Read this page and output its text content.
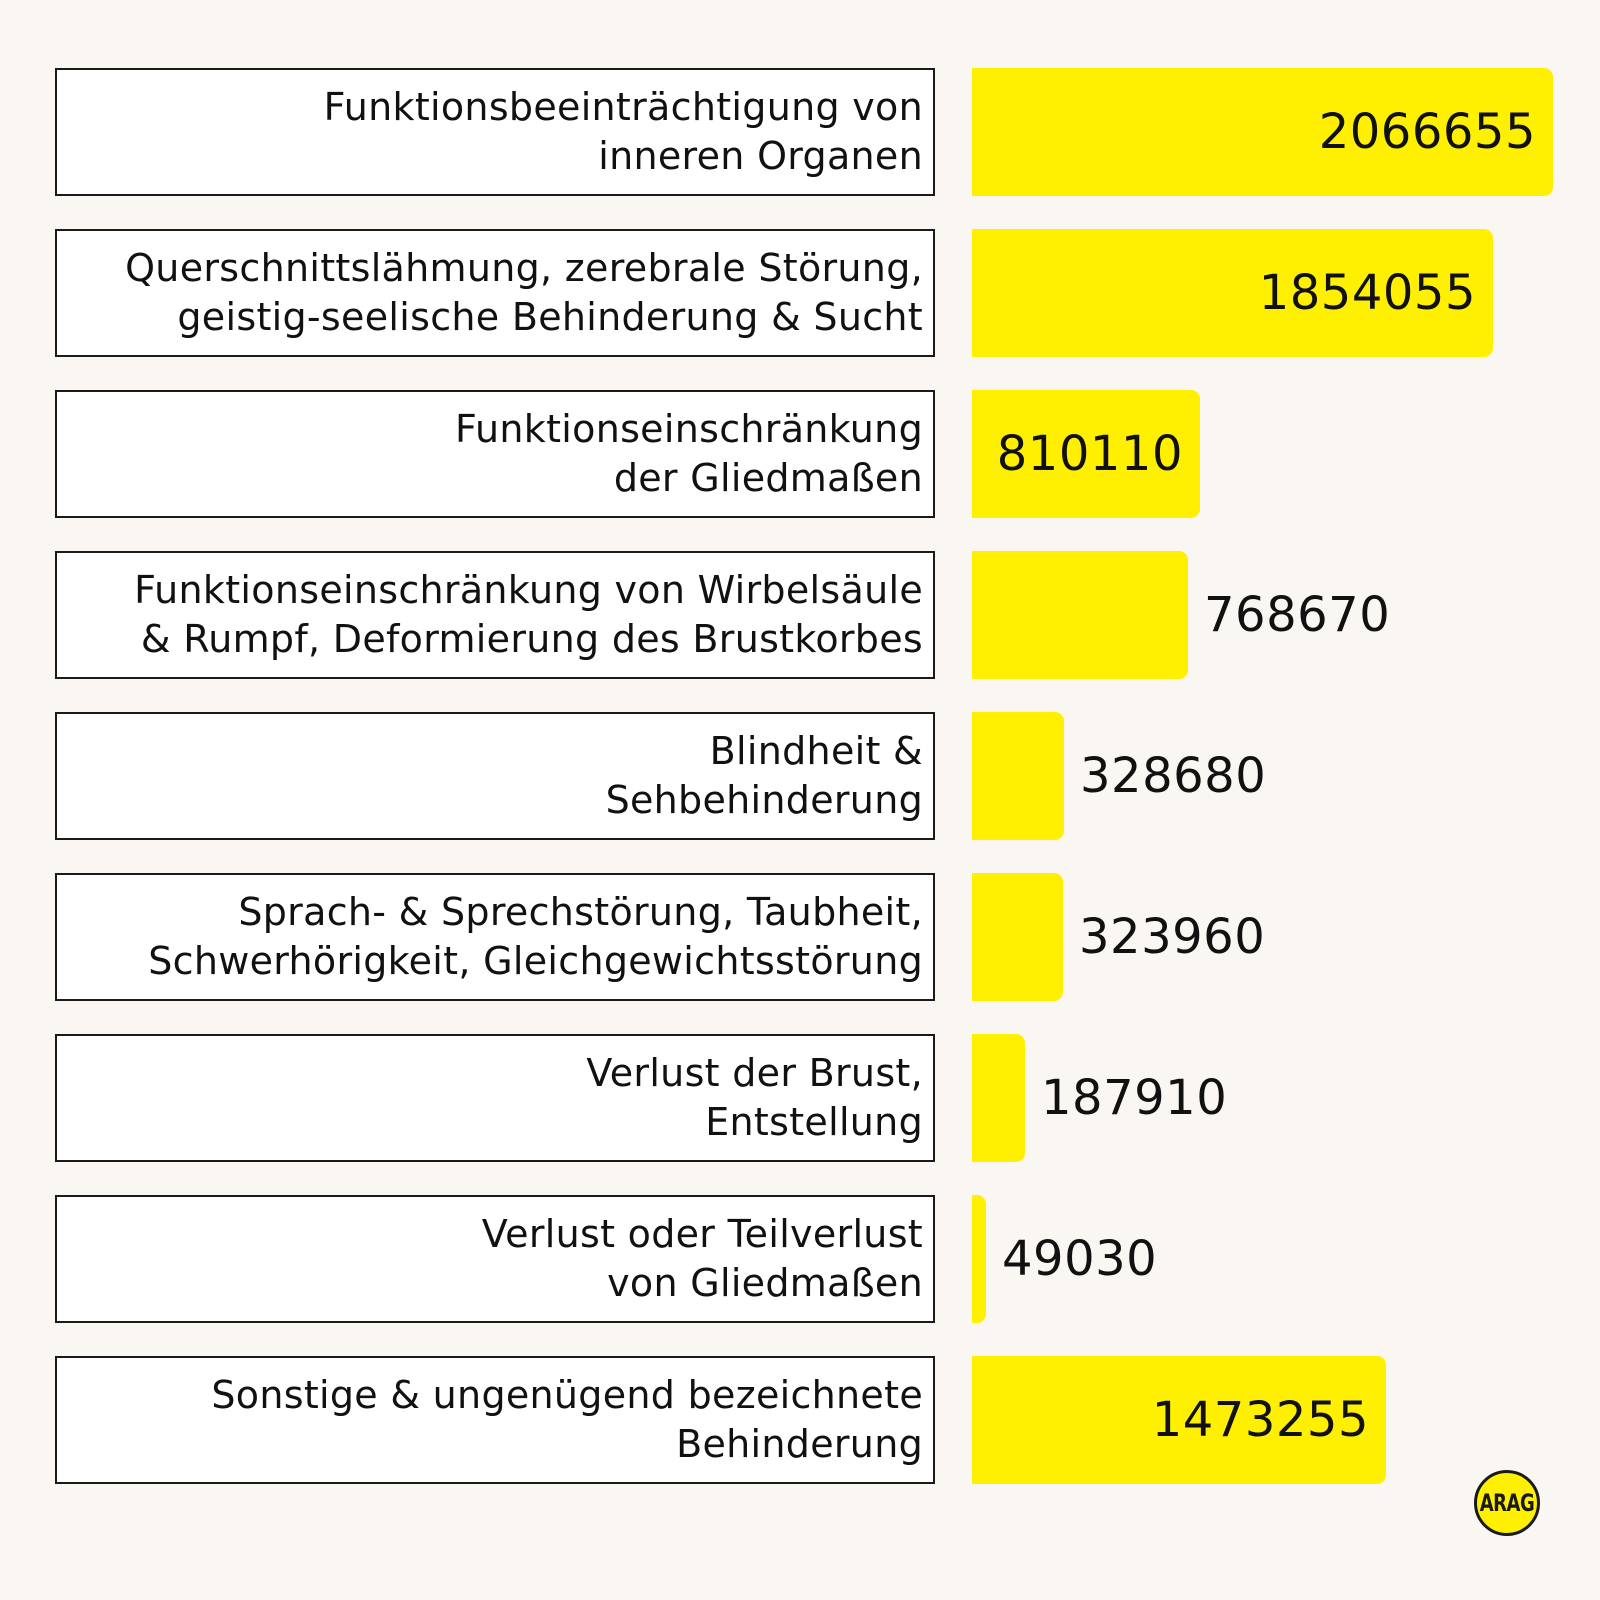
Funktionsbeeinträchtigung von
inneren Organen	2066655
Querschnittslähmung, zerebrale Störung,
geistig-seelische Behinderung & Sucht	1854055
Funktionseinschränkung
der Gliedmaßen 810110
Funktionseinschränkung von Wirbelsäule
& Rumpf, Deformierung des Brustkorbes	768670
Blindheit &
Sehbehinderung	328680
Sprach- & Sprechstörung, Taubheit,
Schwerhörigkeit, Gleichgewichtsstörung	323960
Verlust der Brust,
Entstellung 187910
Verlust oder Teilverlust
von Gliedmaßen 49030
Sonstige & ungenügend bezeichnete
Behinderung	1473255
ARAG
